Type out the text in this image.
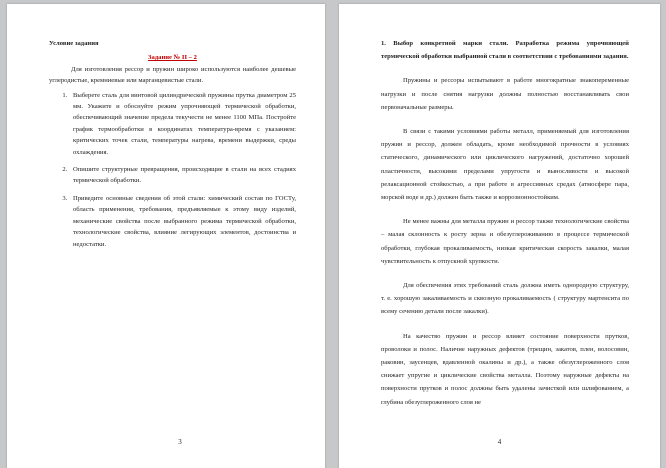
Условие задания

Задание № II – 2

Для изготовления рессор и пружин широко используются наиболее дешевые углеродистые, кремниевые или марганцевистые стали.

1. Выберете сталь для винтовой цилиндрической пружины прутка диаметром 25 мм. Укажите и обоснуйте режим упрочняющей термической обработки, обеспечивающий значение предела текучести не менее 1100 МПа. Постройте график термообработки в координатах температура-время с указанием: критических точек стали, температуры нагрева, времени выдержки, среды охлаждения.
2. Опишите структурные превращения, происходящие в стали на всех стадиях термической обработки.
3. Приведите основные сведения об этой стали: химический состав по ГОСТу, область применения, требования, предъявляемые к этому виду изделий, механические свойства после выбранного режима термической обработки, технологические свойства, влияние легирующих элементов, достоинства и недостатки.
3

1. Выбор конкретной марки стали. Разработка режима упрочняющей термической обработки выбранной стали в соответствии с требованиями задания.

Пружины и рессоры испытывают в работе многократные знакопеременные нагрузки и после снятия нагрузки должны полностью восстанавливать свои первоначальные размеры.

В связи с такими условиями работы металл, применяемый для изготовления пружин и рессор, должен обладать, кроме необходимой прочности в условиях статического, динамического или циклического нагружений, достаточно хорошей пластичности, высокими пределами упругости и выносливости и высокой релаксационной стойкостью, а при работе в агрессивных средах (атмосфере пара, морской воде и др.) должен быть также и коррозионностойким.

Не менее важны для металла пружин и рессор также технологические свойства – малая склонность к росту зерна и обезуглероживанию в процессе термической обработки, глубокая прокаливаемость, низкая критическая скорость закалки, малая чувствительность к отпускной хрупкости.

Для обеспечения этих требований сталь должна иметь однородную структуру, т. е. хорошую закаливаемость и сквозную прокаливаемость ( структуру мартенсита по всему сечению детали после закалки).

На качество пружин и рессор влияет состояние поверхности прутков, проволоки и полос. Наличие наружных дефектов (трещин, закатов, плен, волосовин, раковин, заусенцев, вдавленной окалины и др.), а также обезуглероженного слоя снижает упругие и циклические свойства металла. Поэтому наружные дефекты на поверхности прутков и полос должны быть удалены зачисткой или шлифованием, а глубина обезуглероженного слоя не

4
